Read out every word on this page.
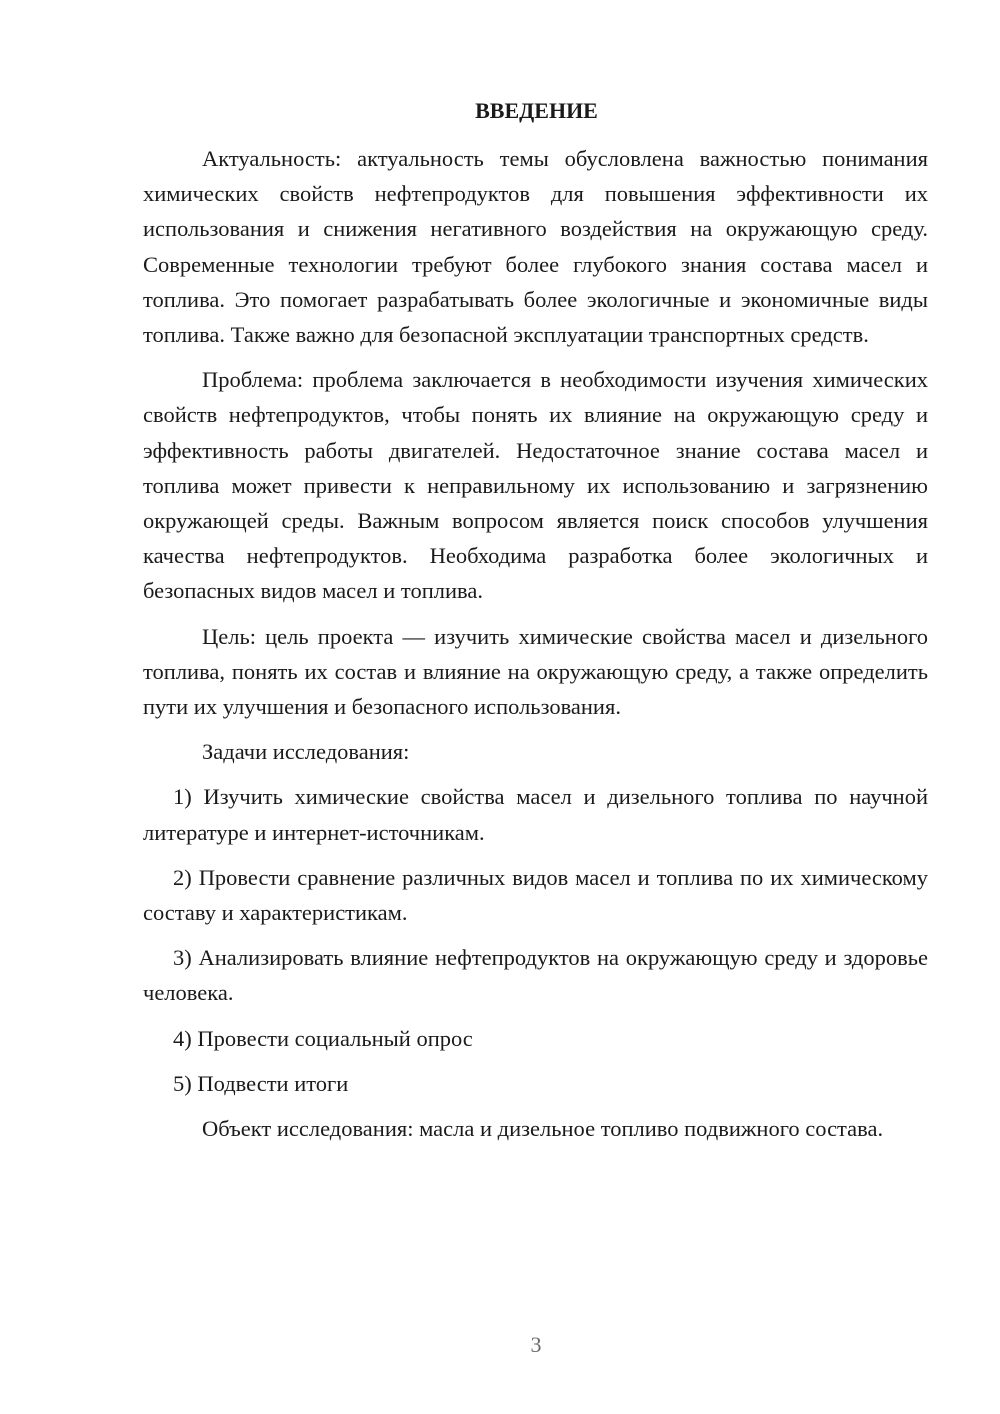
ВВЕДЕНИЕ

Актуальность: актуальность темы обусловлена важностью понимания химических свойств нефтепродуктов для повышения эффективности их использования и снижения негативного воздействия на окружающую среду. Современные технологии требуют более глубокого знания состава масел и топлива. Это помогает разрабатывать более экологичные и экономичные виды топлива. Также важно для безопасной эксплуатации транспортных средств.

Проблема: проблема заключается в необходимости изучения химических свойств нефтепродуктов, чтобы понять их влияние на окружающую среду и эффективность работы двигателей. Недостаточное знание состава масел и топлива может привести к неправильному их использованию и загрязнению окружающей среды. Важным вопросом является поиск способов улучшения качества нефтепродуктов. Необходима разработка более экологичных и безопасных видов масел и топлива.

Цель: цель проекта — изучить химические свойства масел и дизельного топлива, понять их состав и влияние на окружающую среду, а также определить пути их улучшения и безопасного использования.

Задачи исследования:

1) Изучить химические свойства масел и дизельного топлива по научной литературе и интернет-источникам.

2) Провести сравнение различных видов масел и топлива по их химическому составу и характеристикам.

3) Анализировать влияние нефтепродуктов на окружающую среду и здоровье человека.

4) Провести социальный опрос

5) Подвести итоги

Объект исследования: масла и дизельное топливо подвижного состава.

3
